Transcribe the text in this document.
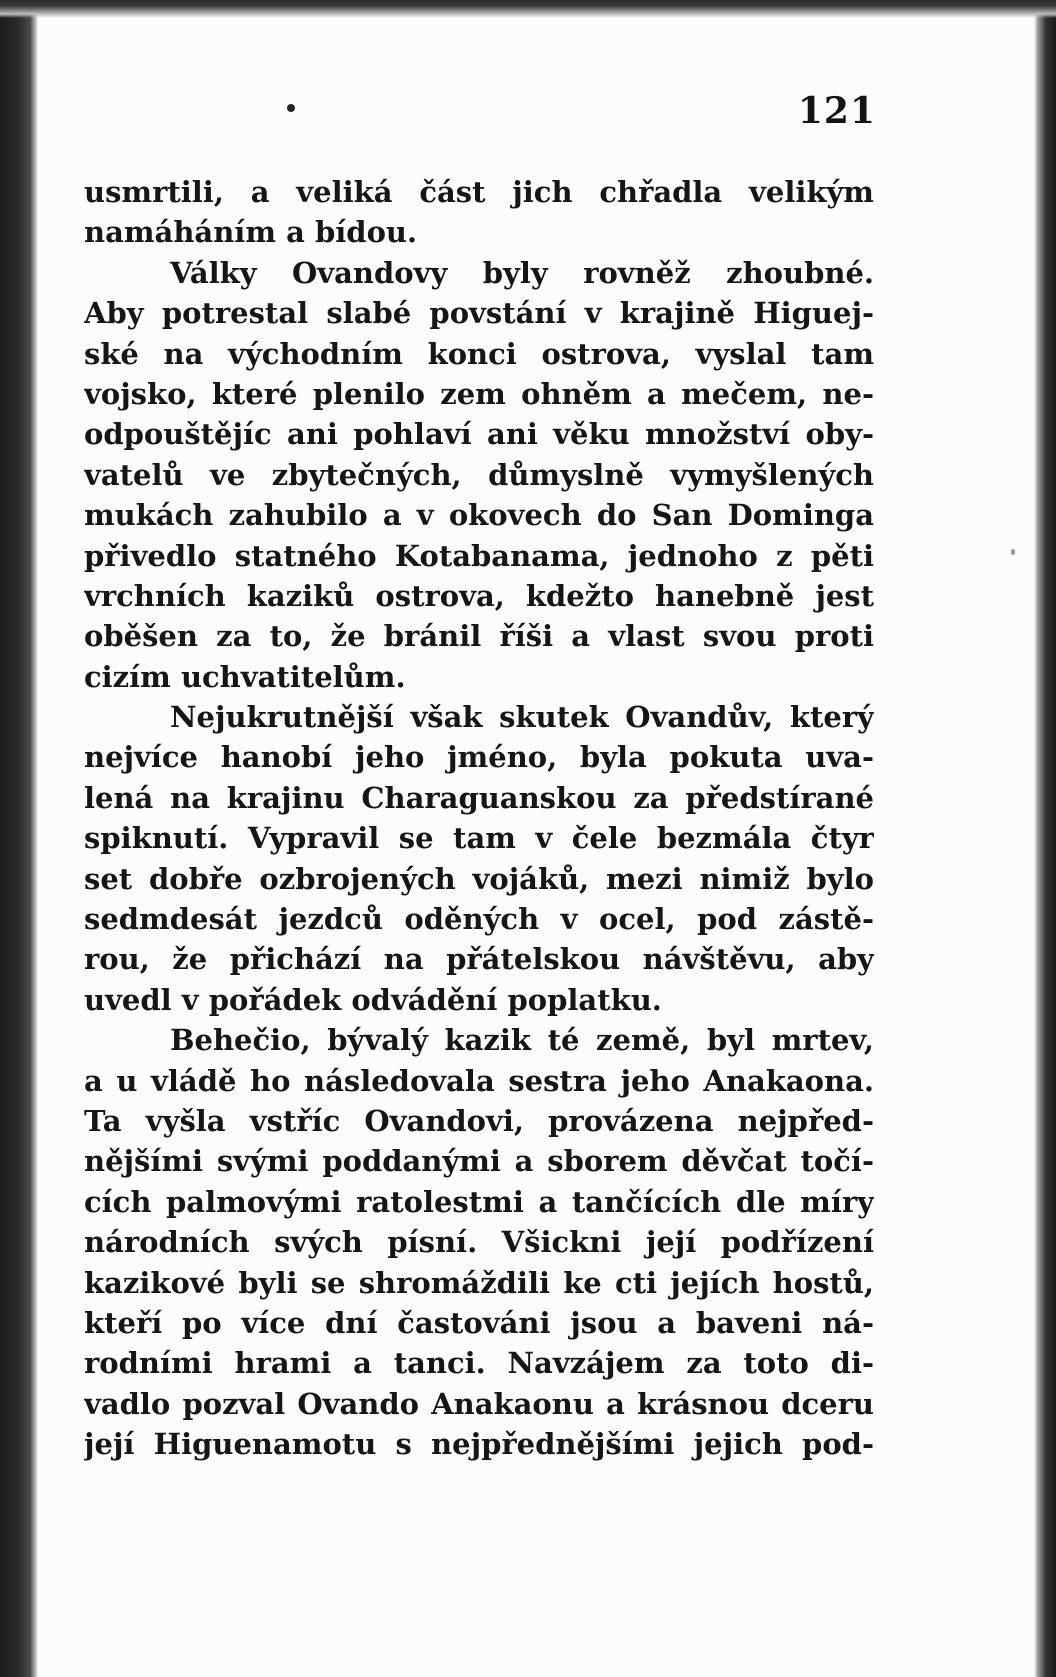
121
usmrtili, a veliká část jich chřadla velikým
namáháním a bídou.
Války Ovandovy byly rovněž zhoubné.
Aby potrestal slabé povstání v krajině Higuej-
ské na východním konci ostrova, vyslal tam
vojsko, které plenilo zem ohněm a mečem, ne-
odpouštějíc ani pohlaví ani věku množství oby-
vatelů ve zbytečných, důmyslně vymyšlených
mukách zahubilo a v okovech do San Dominga
přivedlo statného Kotabanama, jednoho z pěti
vrchních kaziků ostrova, kdežto hanebně jest
oběšen za to, že bránil říši a vlast svou proti
cizím uchvatitelům.
Nejukrutnější však skutek Ovandův, který
nejvíce hanobí jeho jméno, byla pokuta uva-
lená na krajinu Charaguanskou za předstírané
spiknutí. Vypravil se tam v čele bezmála čtyr
set dobře ozbrojených vojáků, mezi nimiž bylo
sedmdesát jezdců oděných v ocel, pod zástě-
rou, že přichází na přátelskou návštěvu, aby
uvedl v pořádek odvádění poplatku.
Behečio, bývalý kazik té země, byl mrtev,
a u vládě ho následovala sestra jeho Anakaona.
Ta vyšla vstříc Ovandovi, provázena nejpřed-
nějšími svými poddanými a sborem děvčat točí-
cích palmovými ratolestmi a tančících dle míry
národních svých písní. Všickni její podřízení
kazikové byli se shromáždili ke cti jejích hostů,
kteří po více dní častováni jsou a baveni ná-
rodními hrami a tanci. Navzájem za toto di-
vadlo pozval Ovando Anakaonu a krásnou dceru
její Higuenamotu s nejpřednějšími jejich pod-
